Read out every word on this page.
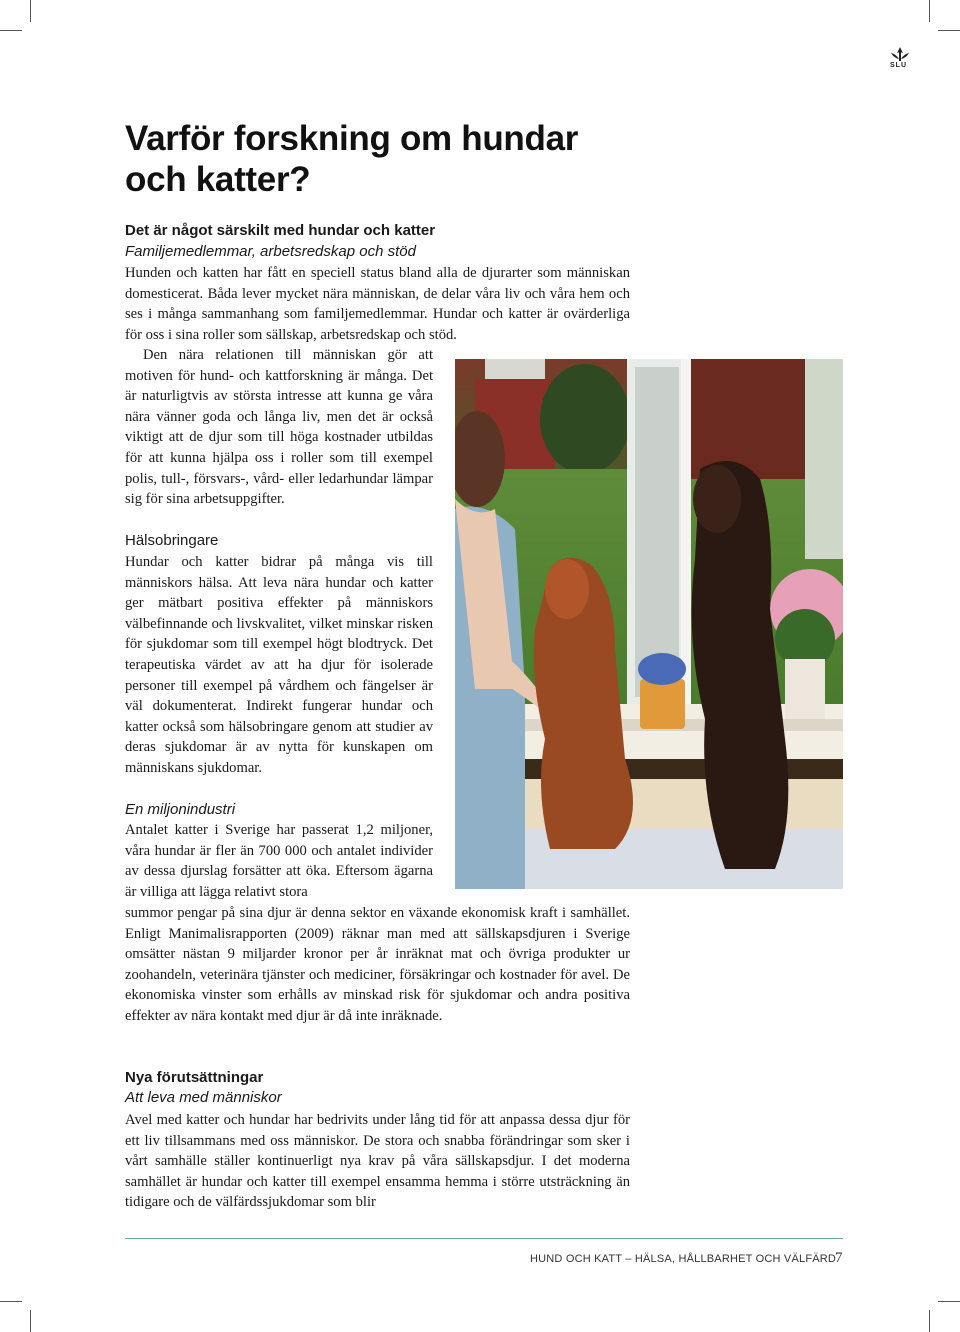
SLU
Varför forskning om hundar och katter?
Det är något särskilt med hundar och katter
Familjemedlemmar, arbetsredskap och stöd

Hunden och katten har fått en speciell status bland alla de djurarter som människan domesticerat. Båda lever mycket nära människan, de delar våra liv och våra hem och ses i många sammanhang som familjemedlemmar. Hundar och katter är ovärderliga för oss i sina roller som sällskap, arbetsredskap och stöd.

Den nära relationen till människan gör att motiven för hund- och kattforskning är många. Det är naturligtvis av största intresse att kunna ge våra nära vänner goda och långa liv, men det är också viktigt att de djur som till höga kostnader utbildas för att kunna hjälpa oss i roller som till exempel polis, tull-, försvars-, vård- eller ledarhundar lämpar sig för sina arbetsuppgifter.

Hälsobringare

Hundar och katter bidrar på många vis till människors hälsa. Att leva nära hundar och katter ger mätbart positiva effekter på människors välbefinnande och livskvalitet, vilket minskar risken för sjukdomar som till exempel högt blodtryck. Det terapeutiska värdet av att ha djur för isolerade personer till exempel på vårdhem och fängelser är väl dokumenterat. Indirekt fungerar hundar och katter också som hälsobringare genom att studier av deras sjukdomar är av nytta för kunskapen om människans sjukdomar.

En miljonindustri

Antalet katter i Sverige har passerat 1,2 miljoner, våra hundar är fler än 700 000 och antalet individer av dessa djurslag forsätter att öka. Eftersom ägarna är villiga att lägga relativt stora

summor pengar på sina djur är denna sektor en växande ekonomisk kraft i samhället. Enligt Manimalisrapporten (2009) räknar man med att sällskapsdjuren i Sverige omsätter nästan 9 miljarder kronor per år inräknat mat och övriga produkter ur zoohandeln, veterinära tjänster och mediciner, försäkringar och kostnader för avel. De ekonomiska vinster som erhålls av minskad risk för sjukdomar och andra positiva effekter av nära kontakt med djur är då inte inräknade.

Nya förutsättningar
Att leva med människor

Avel med katter och hundar har bedrivits under lång tid för att anpassa dessa djur för ett liv tillsammans med oss människor. De stora och snabba förändringar som sker i vårt samhälle ställer kontinuerligt nya krav på våra sällskapsdjur. I det moderna samhället är hundar och katter till exempel ensamma hemma i större utsträckning än tidigare och de välfärdssjukdomar som blir

HUND OCH KATT – HÄLSA, HÅLLBARHET OCH VÄLFÄRD
7
